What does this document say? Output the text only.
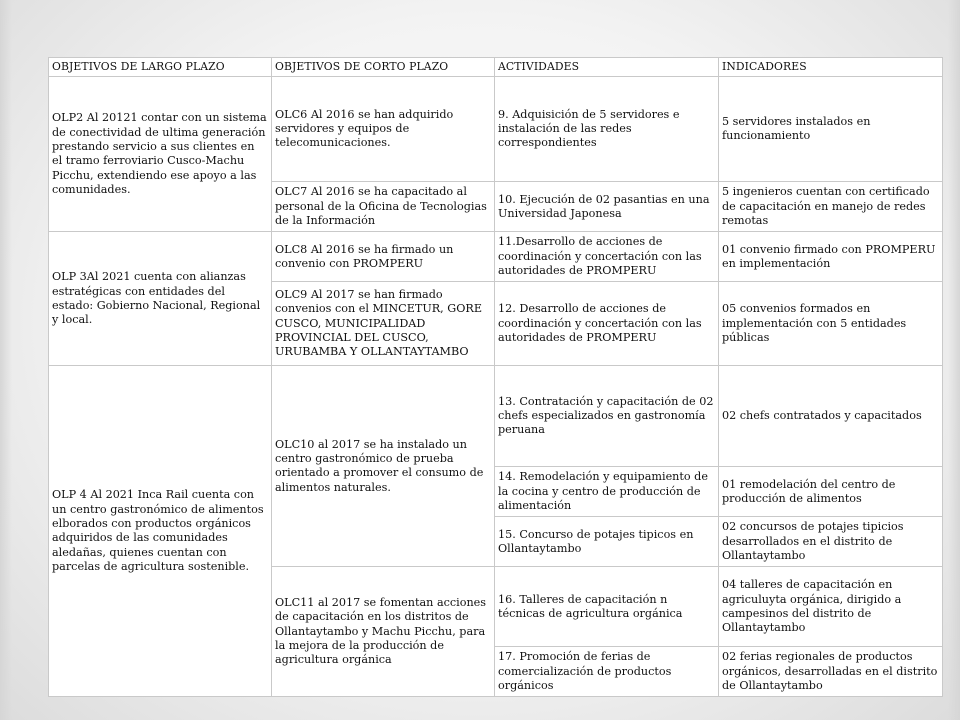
OBJETIVOS DE LARGO PLAZO	OBJETIVOS DE CORTO PLAZO	ACTIVIDADES	INDICADORES
OLP2 Al 20121 contar con un sistema de conectividad de ultima generación prestando servicio a sus clientes en el tramo ferroviario Cusco-Machu Picchu, extendiendo ese apoyo a las comunidades.	OLC6 Al 2016 se han adquirido servidores y equipos de telecomunicaciones.	9. Adquisición de 5 servidores e instalación de las redes correspondientes	5 servidores instalados en funcionamiento
	OLC7 Al 2016 se ha capacitado al personal de la Oficina de Tecnologias de la Información	10. Ejecución de 02 pasantias en una Universidad Japonesa	5 ingenieros cuentan con certificado de capacitación en manejo de redes remotas
OLP 3Al 2021 cuenta con alianzas estratégicas con entidades del estado: Gobierno Nacional, Regional y local.	OLC8 Al 2016 se ha firmado un convenio con PROMPERU	11.Desarrollo de acciones de coordinación y concertación con las autoridades de PROMPERU	01 convenio firmado con PROMPERU en implementación
	OLC9 Al 2017 se han firmado convenios con el MINCETUR, GORE CUSCO, MUNICIPALIDAD PROVINCIAL DEL CUSCO, URUBAMBA Y OLLANTAYTAMBO	12. Desarrollo de acciones de coordinación y concertación con las autoridades de PROMPERU	05 convenios formados en implementación con 5 entidades públicas
OLP 4 Al 2021 Inca Rail cuenta con un centro gastronómico de alimentos elborados con productos orgánicos adquiridos de las comunidades aledañas, quienes cuentan con parcelas de agricultura sostenible.	OLC10 al 2017 se ha instalado un centro gastronómico de prueba orientado a promover el consumo de alimentos naturales.	13. Contratación y capacitación de 02 chefs especializados en gastronomía peruana	02 chefs contratados y capacitados
		14. Remodelación y equipamiento de la cocina y centro de producción de alimentación	01 remodelación del centro de producción de alimentos
		15. Concurso de potajes tipicos en Ollantaytambo	02 concursos de potajes tipicios desarrollados en el distrito de Ollantaytambo
	OLC11 al 2017 se fomentan acciones de capacitación en los distritos de Ollantaytambo y Machu Picchu, para la mejora de la producción de agricultura orgánica	16. Talleres de capacitación n técnicas de agricultura orgánica	04 talleres de capacitación en agriculuyta orgánica, dirigido a campesinos del distrito de Ollantaytambo
		17. Promoción de ferias de comercialización de productos orgánicos	02 ferias regionales de productos orgánicos, desarrolladas en el distrito de Ollantaytambo
